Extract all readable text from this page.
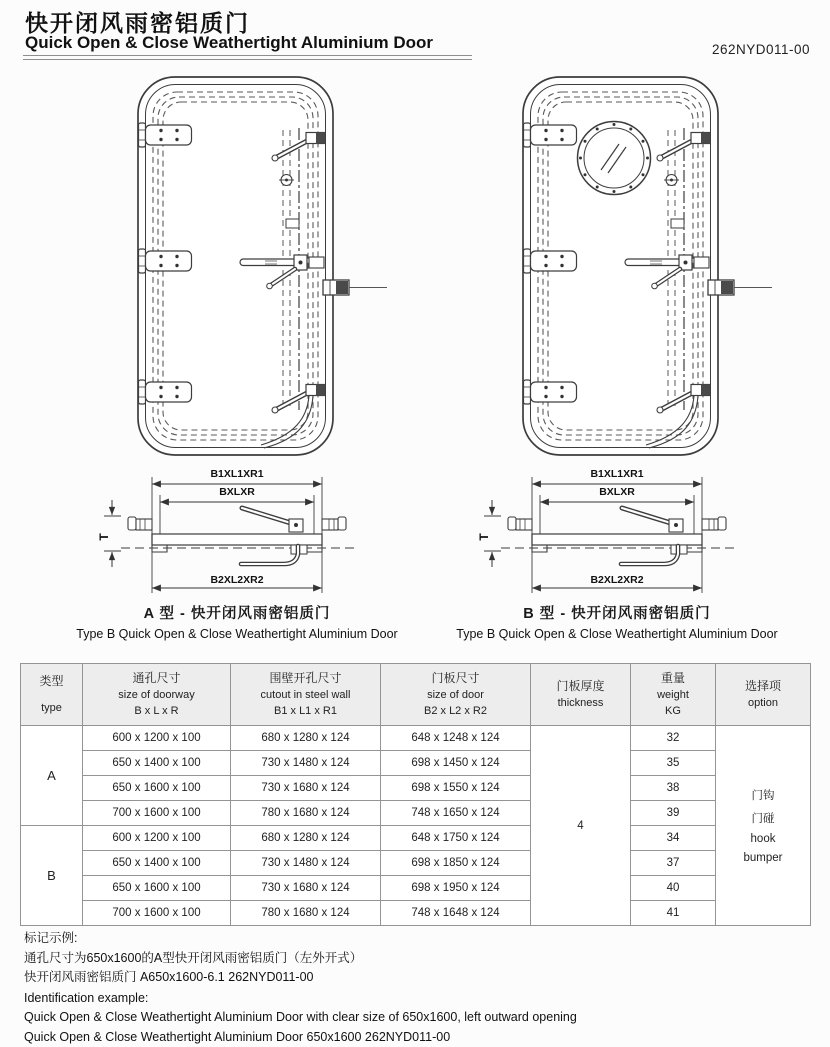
快开闭风雨密铝质门
Quick Open & Close Weathertight Aluminium Door	262NYD011-00
B1XL1XR1
BXLXR
B2XL2XR2
T
B1XL1XR1
BXLXR
B2XL2XR2
T
A 型 - 快开闭风雨密铝质门
Type B Quick Open & Close Weathertight Aluminium Door
B 型 - 快开闭风雨密铝质门
Type B Quick Open & Close Weathertight Aluminium Door
类型
type	通孔尺寸
size of doorway
B x L x R	围壁开孔尺寸
cutout in steel wall
B1 x L1 x R1	门板尺寸
size of door
B2 x L2 x R2	门板厚度
thickness	重量
weight
KG	选择项
option

A	600 x 1200 x 100	680 x 1280 x 124	648 x 1248 x 124	4	32	门钩
门碰
hook
bumper

	650 x 1400 x 100	730 x 1480 x 124	698 x 1450 x 124		35	
	650 x 1600 x 100	730 x 1680 x 124	698 x 1550 x 124		38	
	700 x 1600 x 100	780 x 1680 x 124	748 x 1650 x 124		39	
B	600 x 1200 x 100	680 x 1280 x 124	648 x 1750 x 124		34	
	650 x 1400 x 100	730 x 1480 x 124	698 x 1850 x 124		37	
	650 x 1600 x 100	730 x 1680 x 124	698 x 1950 x 124		40	
	700 x 1600 x 100	780 x 1680 x 124	748 x 1648 x 124		41	
标记示例:
通孔尺寸为650x1600的A型快开闭风雨密铝质门（左外开式）
快开闭风雨密铝质门 A650x1600-6.1 262NYD011-00
Identification example:
Quick Open & Close Weathertight Aluminium Door with clear size of 650x1600, left outward opening
Quick Open & Close Weathertight Aluminium Door 650x1600 262NYD011-00
